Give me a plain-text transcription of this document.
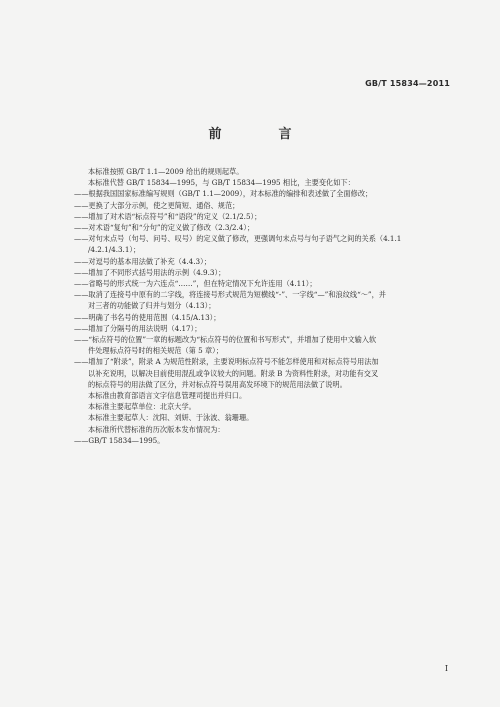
GB/T 15834—2011
前　言
本标准按照 GB/T 1.1—2009 给出的规则起草。
本标准代替 GB/T 15834—1995，与 GB/T 15834—1995 相比，主要变化如下：
——根据我国国家标准编写规则（GB/T 1.1—2009），对本标准的编排和表述做了全面修改；
——更换了大部分示例，使之更简短、通俗、规范；
——增加了对术语“标点符号”和“语段”的定义（2.1/2.5）；
——对术语“复句”和“分句”的定义做了修改（2.3/2.4）；
——对句末点号（句号、问号、叹号）的定义做了修改，更强调句末点号与句子语气之间的关系（4.1.1
/4.2.1/4.3.1）；
——对逗号的基本用法做了补充（4.4.3）；
——增加了不同形式括号用法的示例（4.9.3）；
——省略号的形式统一为六连点“……”，但在特定情况下允许连用（4.11）；
——取消了连接号中原有的二字线，将连接号形式规范为短横线“-”、一字线“—”和浪纹线“～”，并
对三者的功能做了归并与划分（4.13）；
——明确了书名号的使用范围（4.15/A.13）；
——增加了分隔号的用法说明（4.17）；
——“标点符号的位置”一章的标题改为“标点符号的位置和书写形式”，并增加了使用中文输入软
件处理标点符号时的相关规范（第 5 章）；
——增加了“附录”，附录 A 为规范性附录，主要说明标点符号不能怎样使用和对标点符号用法加
以补充说明，以解决目前使用混乱或争议较大的问题。附录 B 为资料性附录，对功能有交叉
的标点符号的用法做了区分，并对标点符号误用高发环境下的规范用法做了说明。
本标准由教育部语言文字信息管理司提出并归口。
本标准主要起草单位：北京大学。
本标准主要起草人：沈阳、刘妍、于泳波、翁珊珊。
本标准所代替标准的历次版本发布情况为：
——GB/T 15834—1995。
Ⅰ
